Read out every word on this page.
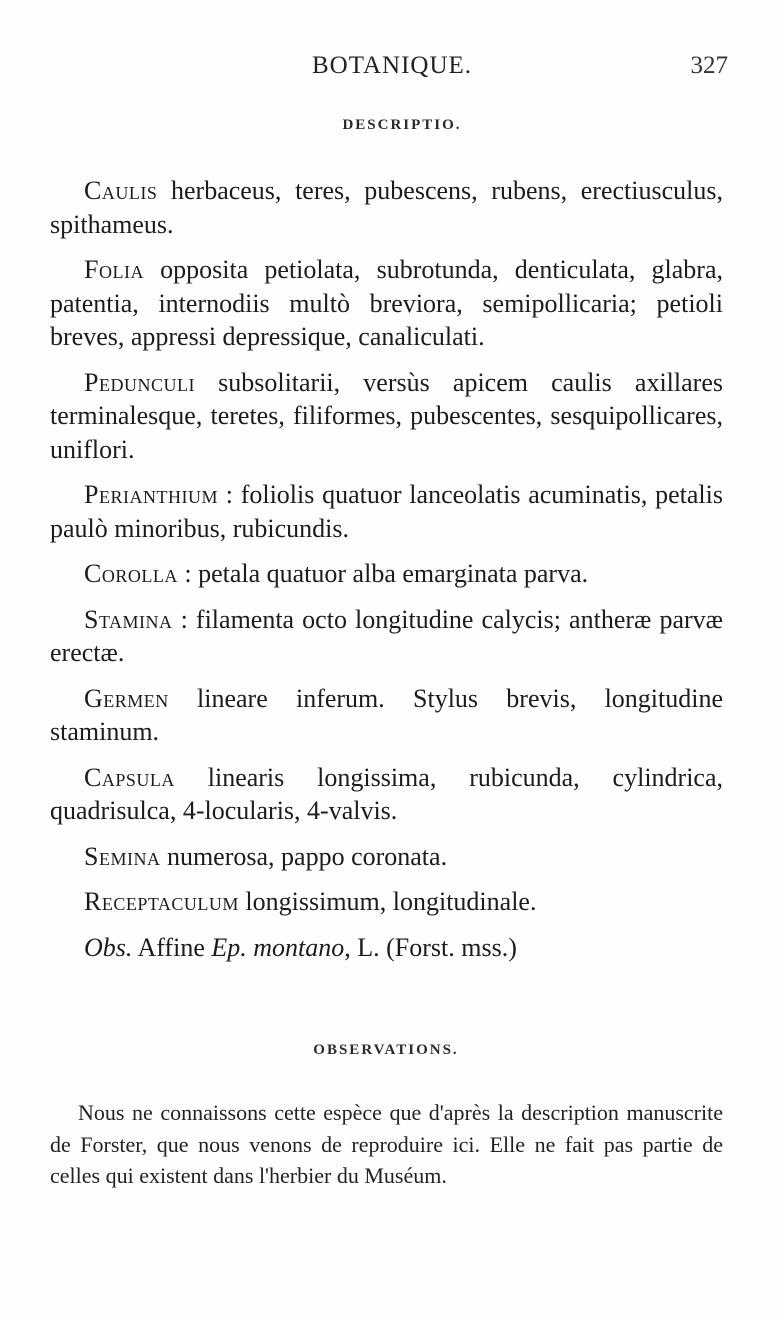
BOTANIQUE.	327
DESCRIPTIO.

Caulis herbaceus, teres, pubescens, rubens, erectiusculus, spithameus.

Folia opposita petiolata, subrotunda, denticulata, glabra, patentia, internodiis multò breviora, semipollicaria; petioli breves, appressi depressique, canaliculati.

Pedunculi subsolitarii, versùs apicem caulis axillares terminalesque, teretes, filiformes, pubescentes, sesquipollicares, uniflori.

Perianthium : foliolis quatuor lanceolatis acuminatis, petalis paulò minoribus, rubicundis.

Corolla : petala quatuor alba emarginata parva.

Stamina : filamenta octo longitudine calycis; antheræ parvæ erectæ.

Germen lineare inferum. Stylus brevis, longitudine staminum.

Capsula linearis longissima, rubicunda, cylindrica, quadrisulca, 4-locularis, 4-valvis.

Semina numerosa, pappo coronata.

Receptaculum longissimum, longitudinale.

Obs. Affine Ep. montano, L. (Forst. mss.)

OBSERVATIONS.

Nous ne connaissons cette espèce que d'après la description manuscrite de Forster, que nous venons de reproduire ici. Elle ne fait pas partie de celles qui existent dans l'herbier du Muséum.
